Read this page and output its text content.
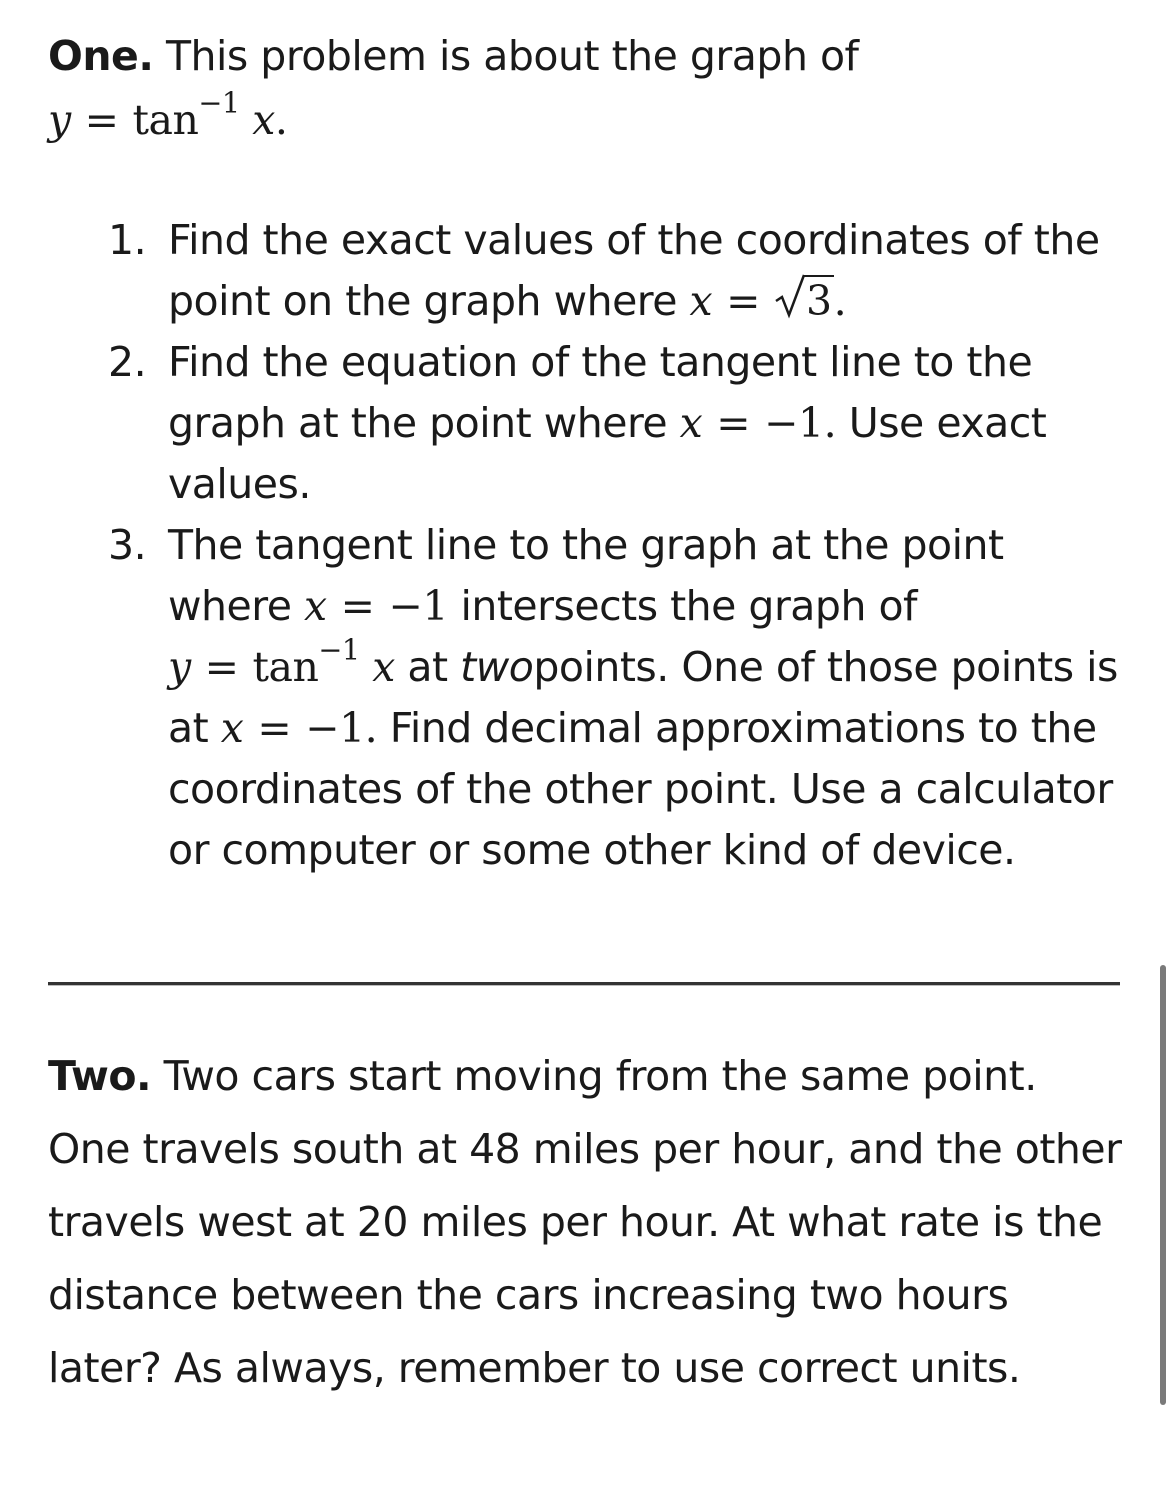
One. This problem is about the graph of
$y = \tan^{-1} x$.
1. Find the exact values of the coordinates of the point on the graph where x = 3.
2. Find the equation of the tangent line to the graph at the point where x = −1. Use exact values.
3. The tangent line to the graph at the point where x = −1 intersects the graph of $y = \tan^{-1} x$ at twopoints. One of those points is at x = −1. Find decimal approximations to the coordinates of the other point. Use a calculator or computer or some other kind of device.
Two. Two cars start moving from the same point. One travels south at 48 miles per hour, and the other travels west at 20 miles per hour. At what rate is the distance between the cars increasing two hours later? As always, remember to use correct units.
